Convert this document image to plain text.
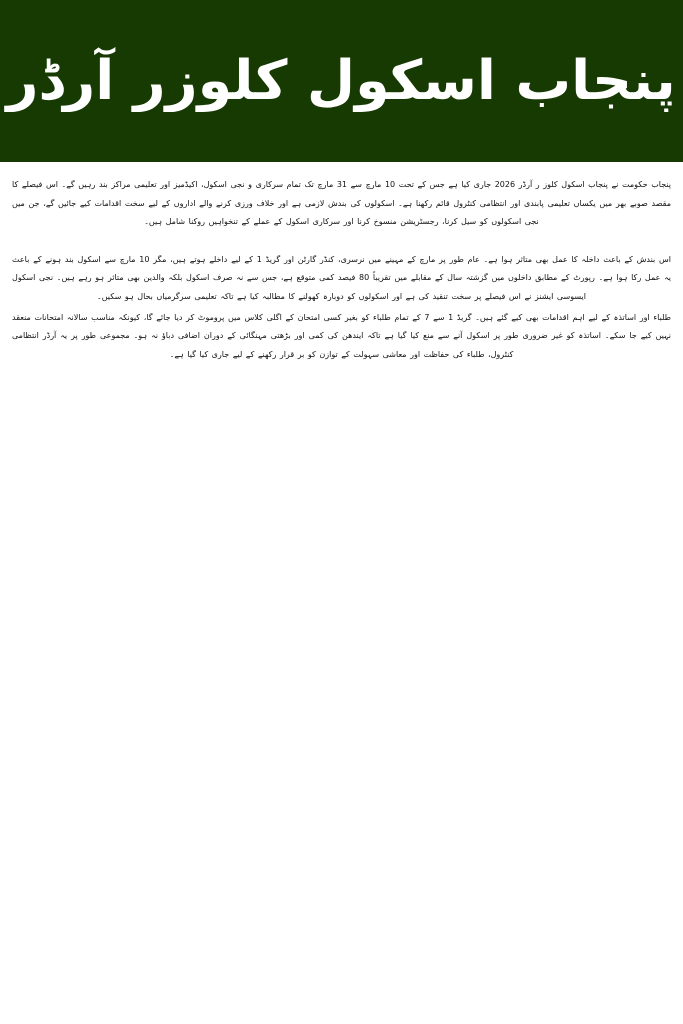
پنجاب اسکول کلوزر آرڈر

پنجاب حکومت نے پنجاب اسکول کلوز ر آرڈر 2026 جاری کیا ہے جس کے تحت 10 مارچ سے 31 مارچ تک تمام سرکاری و نجی اسکول، اکیڈمیز اور تعلیمی مراکز بند رہیں گے۔ اس فیصلے کا مقصد صوبے بھر میں یکساں تعلیمی پابندی اور انتظامی کنٹرول قائم رکھنا ہے۔ اسکولوں کی بندش لازمی ہے اور خلاف ورزی کرنے والے اداروں کے لیے سخت اقدامات کیے جائیں گے، جن میں نجی اسکولوں کو سیل کرنا، رجسٹریشن منسوخ کرنا اور سرکاری اسکول کے عملے کے تنخواہیں روکنا شامل ہیں۔

اس بندش کے باعث داخلہ کا عمل بھی متاثر ہوا ہے۔ عام طور پر مارچ کے مہینے میں نرسری، کنڈر گارٹن اور گریڈ 1 کے لیے داخلے ہوتے ہیں، مگر 10 مارچ سے اسکول بند ہونے کے باعث یہ عمل رکا ہوا ہے۔ رپورٹ کے مطابق داخلوں میں گزشتہ سال کے مقابلے میں تقریباً 80 فیصد کمی متوقع ہے، جس سے نہ صرف اسکول بلکہ والدین بھی متاثر ہو رہے ہیں۔ نجی اسکول ایسوسی ایشنز نے اس فیصلے پر سخت تنقید کی ہے اور اسکولوں کو دوبارہ کھولنے کا مطالبہ کیا ہے تاکہ تعلیمی سرگرمیاں بحال ہو سکیں۔

طلباء اور اساتذہ کے لیے اہم اقدامات بھی کیے گئے ہیں۔ گریڈ 1 سے 7 کے تمام طلباء کو بغیر کسی امتحان کے اگلی کلاس میں پروموٹ کر دیا جائے گا، کیونکہ مناسب سالانہ امتحانات منعقد نہیں کیے جا سکے۔ اساتذہ کو غیر ضروری طور پر اسکول آنے سے منع کیا گیا ہے تاکہ ایندھن کی کمی اور بڑھتی مہنگائی کے دوران اضافی دباؤ نہ ہو۔ مجموعی طور پر یہ آرڈر انتظامی کنٹرول، طلباء کی حفاظت اور معاشی سہولت کے توازن کو بر قرار رکھنے کے لیے جاری کیا گیا ہے۔
